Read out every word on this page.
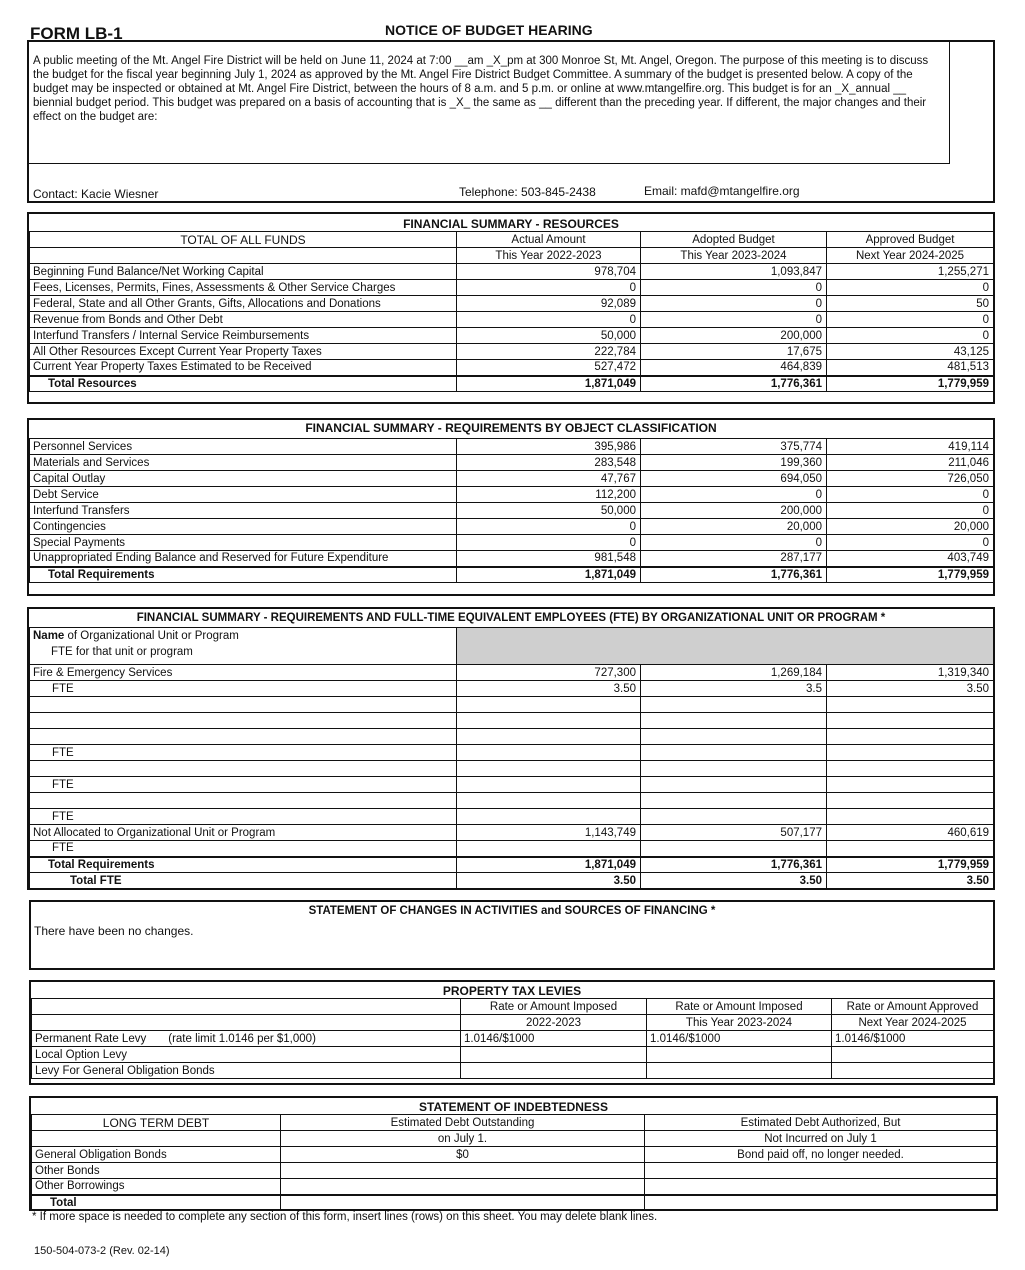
FORM LB-1	NOTICE OF BUDGET HEARING
A public meeting of the Mt. Angel Fire District will be held on June 11, 2024 at 7:00 __am _X_pm at 300 Monroe St, Mt. Angel, Oregon. The purpose of this meeting is to discuss the budget for the fiscal year beginning July 1, 2024 as approved by the Mt. Angel Fire District Budget Committee. A summary of the budget is presented below. A copy of the budget may be inspected or obtained at Mt. Angel Fire District, between the hours of 8 a.m. and 5 p.m. or online at www.mtangelfire.org. This budget is for an _X_annual __ biennial budget period. This budget was prepared on a basis of accounting that is _X_ the same as __ different than the preceding year. If different, the major changes and their effect on the budget are:
Contact: Kacie Wiesner	Telephone: 503-845-2438	Email: mafd@mtangelfire.org
FINANCIAL SUMMARY - RESOURCES
TOTAL OF ALL FUNDS	Actual Amount	Adopted Budget	Approved Budget
	This Year 2022-2023	This Year 2023-2024	Next Year 2024-2025
Beginning Fund Balance/Net Working Capital	978,704	1,093,847	1,255,271
Fees, Licenses, Permits, Fines, Assessments & Other Service Charges	0	0	0
Federal, State and all Other Grants, Gifts, Allocations and Donations	92,089	0	50
Revenue from Bonds and Other Debt	0	0	0
Interfund Transfers / Internal Service Reimbursements	50,000	200,000	0
All Other Resources Except Current Year Property Taxes	222,784	17,675	43,125
Current Year Property Taxes Estimated to be Received	527,472	464,839	481,513
Total Resources	1,871,049	1,776,361	1,779,959
FINANCIAL SUMMARY - REQUIREMENTS BY OBJECT CLASSIFICATION
Personnel Services	395,986	375,774	419,114
Materials and Services	283,548	199,360	211,046
Capital Outlay	47,767	694,050	726,050
Debt Service	112,200	0	0
Interfund Transfers	50,000	200,000	0
Contingencies	0	20,000	20,000
Special Payments	0	0	0
Unappropriated Ending Balance and Reserved for Future Expenditure	981,548	287,177	403,749
Total Requirements	1,871,049	1,776,361	1,779,959
FINANCIAL SUMMARY - REQUIREMENTS AND FULL-TIME EQUIVALENT EMPLOYEES (FTE) BY ORGANIZATIONAL UNIT OR PROGRAM *
Name of Organizational Unit or Program
FTE for that unit or program			
Fire & Emergency Services	727,300	1,269,184	1,319,340
FTE	3.50	3.5	3.50

FTE			

FTE			

FTE			
Not Allocated to Organizational Unit or Program	1,143,749	507,177	460,619
FTE			
Total Requirements	1,871,049	1,776,361	1,779,959
Total FTE	3.50	3.50	3.50
STATEMENT OF CHANGES IN ACTIVITIES and SOURCES OF FINANCING *
There have been no changes.
PROPERTY TAX LEVIES
	Rate or Amount Imposed	Rate or Amount Imposed	Rate or Amount Approved
	2022-2023	This Year 2023-2024	Next Year 2024-2025
Permanent Rate Levy (rate limit 1.0146 per $1,000)	1.0146/$1000	1.0146/$1000	1.0146/$1000
Local Option Levy			
Levy For General Obligation Bonds			
STATEMENT OF INDEBTEDNESS
LONG TERM DEBT	Estimated Debt Outstanding	Estimated Debt Authorized, But
	on July 1.	Not Incurred on July 1
General Obligation Bonds	$0	Bond paid off, no longer needed.
Other Bonds		
Other Borrowings		
Total		
* If more space is needed to complete any section of this form, insert lines (rows) on this sheet. You may delete blank lines.
150-504-073-2 (Rev. 02-14)
